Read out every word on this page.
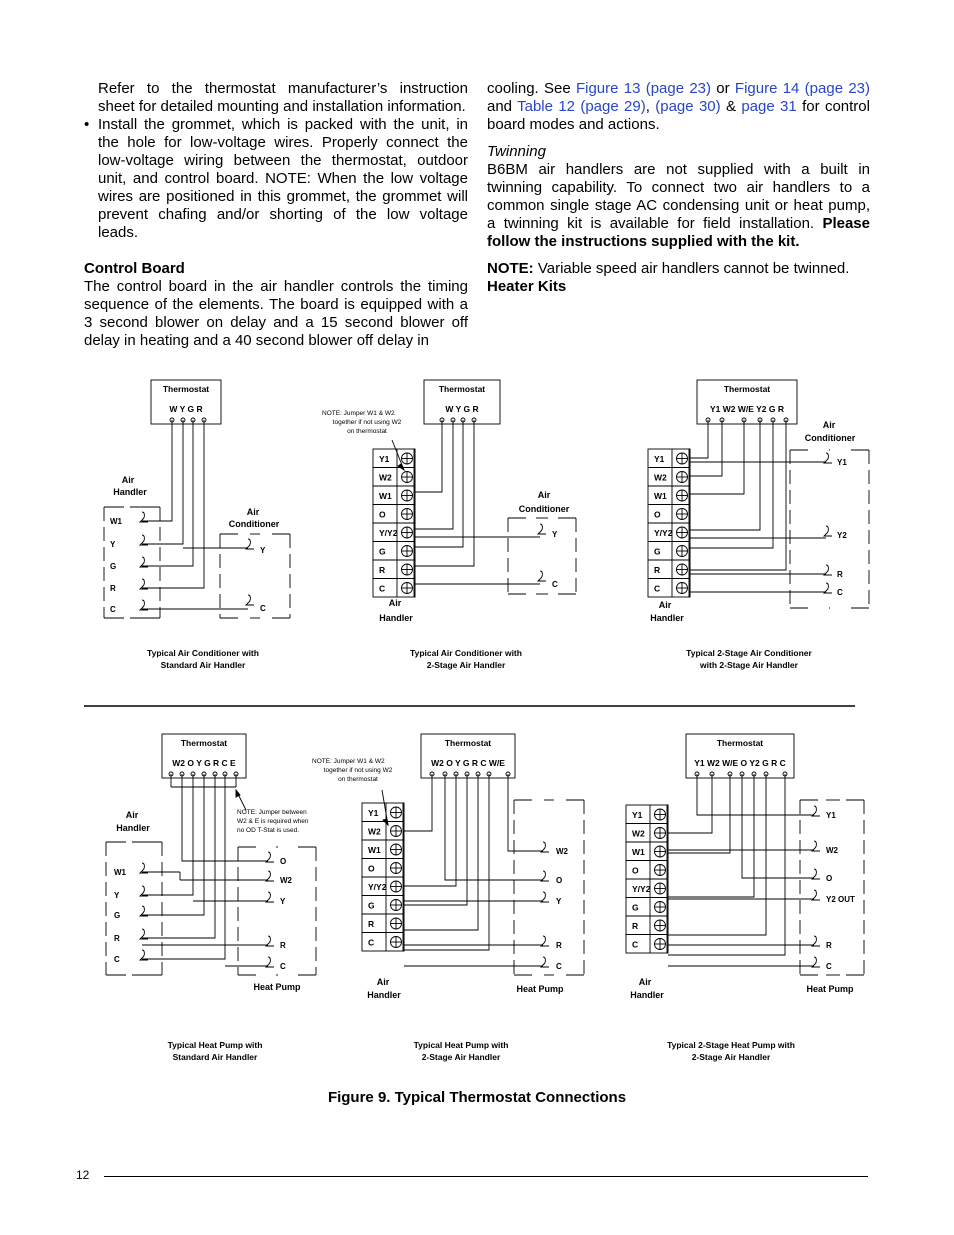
Refer to the thermostat manufacturer’s instruction sheet for detailed mounting and installation information.

• Install the grommet, which is packed with the unit, in the hole for low-voltage wires. Properly connect the low-voltage wiring between the thermostat, outdoor unit, and control board. NOTE: When the low voltage wires are positioned in this grommet, the grommet will prevent chafing and/or shorting of the low voltage leads.

Control Board

The control board in the air handler controls the timing sequence of the elements. The board is equipped with a 3 second blower on delay and a 15 second blower off delay in heating and a 40 second blower off delay in

cooling. See Figure 13 (page 23) or Figure 14 (page 23) and Table 12 (page 29), (page 30) & page 31 for control board modes and actions.

Twinning

B6BM air handlers are not supplied with a built in twinning capability. To connect two air handlers to a common single stage AC condensing unit or heat pump, a twinning kit is available for field installation. Please follow the instructions supplied with the kit.

NOTE: Variable speed air handlers cannot be twinned.

Heater Kits
Thermostat
W Y G R
Air
Handler
W1
Y
G
R
C
Air
Conditioner
Y
C
Typical Air Conditioner with
Standard Air Handler
Thermostat
W Y G R
NOTE: Jumper W1 & W2
together if not using W2
on thermostat
Y1
W2
W1
O
Y/Y2
G
R
C
Air
Handler
Air
Conditioner
Y
C
Typical Air Conditioner with
2-Stage Air Handler
Thermostat
Y1 W2 W/E Y2 G R
Y1
W2
W1
O
Y/Y2
G
R
C
Air
Handler
Air
Conditioner
Y1
Y2
R
C
Typical 2-Stage Air Conditioner
with 2-Stage Air Handler
Thermostat
W2 O Y G R C E
NOTE: Jumper between
W2 & E is required when
no OD T-Stat is used.
Air
Handler
W1
Y
G
R
C
O
W2
Y
R
C
Heat Pump
Typical Heat Pump with
Standard Air Handler
Thermostat
W2 O Y G R C W/E
NOTE: Jumper W1 & W2
together if not using W2
on thermostat
Y1
W2
W1
O
Y/Y2
G
R
C
Air
Handler
W2
O
Y
R
C
Heat Pump
Typical Heat Pump with
2-Stage Air Handler
Thermostat
Y1 W2 W/E O Y2 G R C
Y1
W2
W1
O
Y/Y2
G
R
C
Air
Handler
Y1
W2
O
Y2 OUT
R
C
Heat Pump
Typical 2-Stage Heat Pump with
2-Stage Air Handler
Figure 9. Typical Thermostat Connections
12
